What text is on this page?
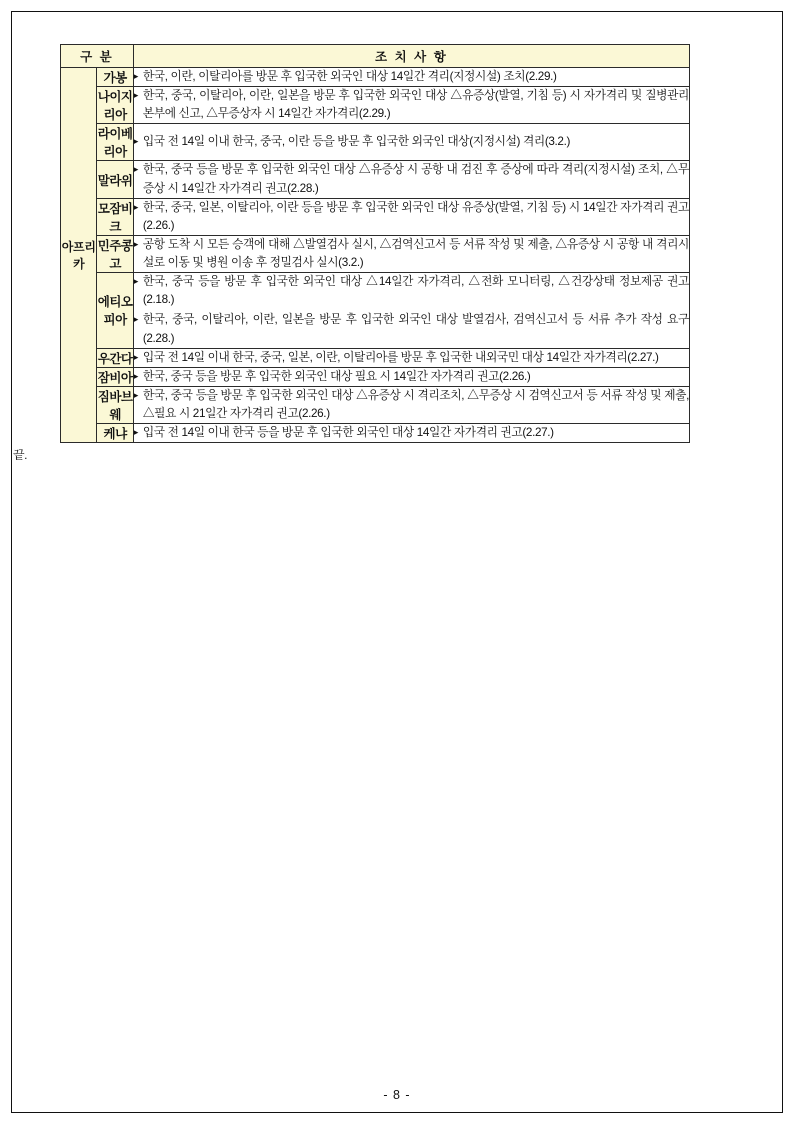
구 분		조 치 사 항
아프리카	가봉	▸ 한국, 이란, 이탈리아를 방문 후 입국한 외국인 대상 14일간 격리(지정시설) 조치(2.29.)

	나이지리아	▸ 한국, 중국, 이탈리아, 이란, 일본을 방문 후 입국한 외국인 대상 △유증상(발열, 기침 등) 시 자가격리 및 질병관리본부에 신고, △무증상자 시 14일간 자가격리(2.29.)

	라이베리아	▸ 입국 전 14일 이내 한국, 중국, 이란 등을 방문 후 입국한 외국인 대상(지정시설) 격리(3.2.)

	말라위	▸ 한국, 중국 등을 방문 후 입국한 외국인 대상 △유증상 시 공항 내 검진 후 증상에 따라 격리(지정시설) 조치, △무증상 시 14일간 자가격리 권고(2.28.)

	모잠비크	▸ 한국, 중국, 일본, 이탈리아, 이란 등을 방문 후 입국한 외국인 대상 유증상(발열, 기침 등) 시 14일간 자가격리 권고(2.26.)

	민주콩고	▸ 공항 도착 시 모든 승객에 대해 △발열검사 실시, △검역신고서 등 서류 작성 및 제출, △유증상 시 공항 내 격리시설로 이동 및 병원 이송 후 정밀검사 실시(3.2.)

	에티오피아	▸ 한국, 중국 등을 방문 후 입국한 외국인 대상 △14일간 자가격리, △전화 모니터링, △건강상태 정보제공 권고(2.18.)

▸ 한국, 중국, 이탈리아, 이란, 일본을 방문 후 입국한 외국인 대상 발열검사, 검역신고서 등 서류 추가 작성 요구(2.28.)

	우간다	▸ 입국 전 14일 이내 한국, 중국, 일본, 이란, 이탈리아를 방문 후 입국한 내외국민 대상 14일간 자가격리(2.27.)

	잠비아	▸ 한국, 중국 등을 방문 후 입국한 외국인 대상 필요 시 14일간 자가격리 권고(2.26.)

	짐바브웨	▸ 한국, 중국 등을 방문 후 입국한 외국인 대상 △유증상 시 격리조치, △무증상 시 검역신고서 등 서류 작성 및 제출, △필요 시 21일간 자가격리 권고(2.26.)

	케냐	▸ 입국 전 14일 이내 한국 등을 방문 후 입국한 외국인 대상 14일간 자가격리 권고(2.27.)

끝.
- 8 -
